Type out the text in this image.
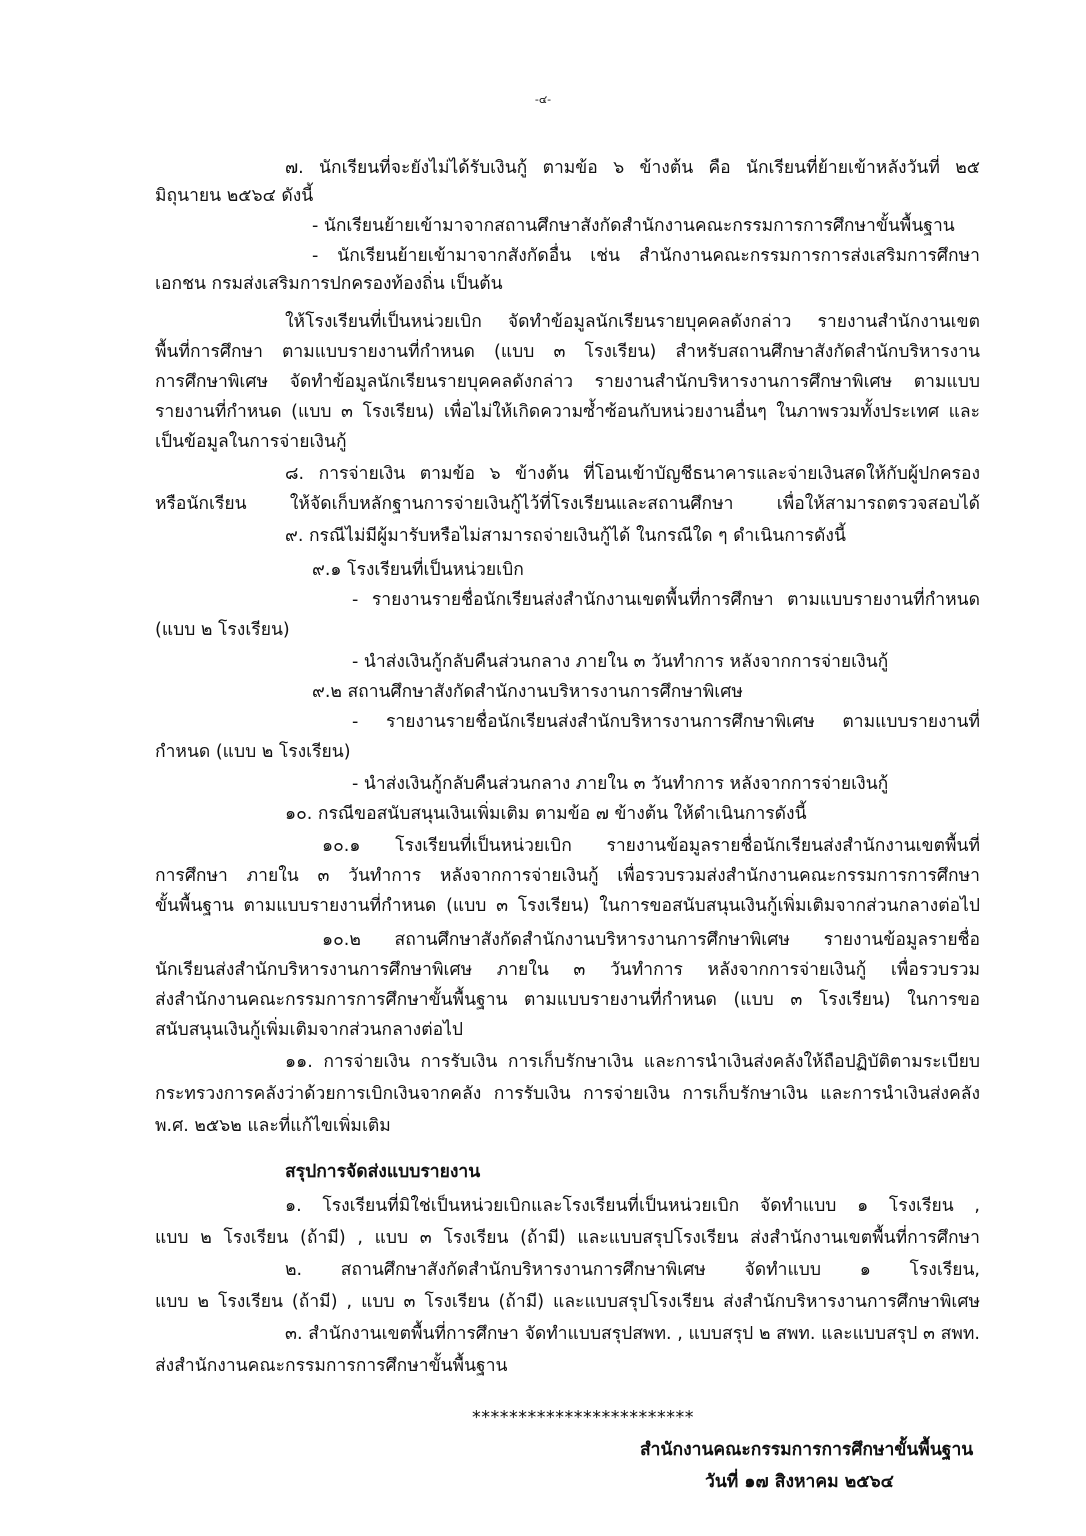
-๔-
๗. นักเรียนที่จะยังไม่ได้รับเงินกู้ ตามข้อ ๖ ข้างต้น คือ นักเรียนที่ย้ายเข้าหลังวันที่ ๒๕
มิถุนายน ๒๕๖๔ ดังนี้
- นักเรียนย้ายเข้ามาจากสถานศึกษาสังกัดสำนักงานคณะกรรมการการศึกษาขั้นพื้นฐาน
- นักเรียนย้ายเข้ามาจากสังกัดอื่น เช่น สำนักงานคณะกรรมการการส่งเสริมการศึกษา
เอกชน กรมส่งเสริมการปกครองท้องถิ่น เป็นต้น
ให้โรงเรียนที่เป็นหน่วยเบิก จัดทำข้อมูลนักเรียนรายบุคคลดังกล่าว รายงานสำนักงานเขต
พื้นที่การศึกษา ตามแบบรายงานที่กำหนด (แบบ ๓ โรงเรียน) สำหรับสถานศึกษาสังกัดสำนักบริหารงาน
การศึกษาพิเศษ จัดทำข้อมูลนักเรียนรายบุคคลดังกล่าว รายงานสำนักบริหารงานการศึกษาพิเศษ ตามแบบ
รายงานที่กำหนด (แบบ ๓ โรงเรียน) เพื่อไม่ให้เกิดความซ้ำซ้อนกับหน่วยงานอื่นๆ ในภาพรวมทั้งประเทศ และ
เป็นข้อมูลในการจ่ายเงินกู้
๘. การจ่ายเงิน ตามข้อ ๖ ข้างต้น ที่โอนเข้าบัญชีธนาคารและจ่ายเงินสดให้กับผู้ปกครอง
หรือนักเรียน ให้จัดเก็บหลักฐานการจ่ายเงินกู้ไว้ที่โรงเรียนและสถานศึกษา เพื่อให้สามารถตรวจสอบได้
๙. กรณีไม่มีผู้มารับหรือไม่สามารถจ่ายเงินกู้ได้ ในกรณีใด ๆ ดำเนินการดังนี้
๙.๑ โรงเรียนที่เป็นหน่วยเบิก
- รายงานรายชื่อนักเรียนส่งสำนักงานเขตพื้นที่การศึกษา ตามแบบรายงานที่กำหนด
(แบบ ๒ โรงเรียน)
- นำส่งเงินกู้กลับคืนส่วนกลาง ภายใน ๓ วันทำการ หลังจากการจ่ายเงินกู้
๙.๒ สถานศึกษาสังกัดสำนักงานบริหารงานการศึกษาพิเศษ
- รายงานรายชื่อนักเรียนส่งสำนักบริหารงานการศึกษาพิเศษ ตามแบบรายงานที่
กำหนด (แบบ ๒ โรงเรียน)
- นำส่งเงินกู้กลับคืนส่วนกลาง ภายใน ๓ วันทำการ หลังจากการจ่ายเงินกู้
๑๐. กรณีขอสนับสนุนเงินเพิ่มเติม ตามข้อ ๗ ข้างต้น ให้ดำเนินการดังนี้
๑๐.๑ โรงเรียนที่เป็นหน่วยเบิก รายงานข้อมูลรายชื่อนักเรียนส่งสำนักงานเขตพื้นที่
การศึกษา ภายใน ๓ วันทำการ หลังจากการจ่ายเงินกู้ เพื่อรวบรวมส่งสำนักงานคณะกรรมการการศึกษา
ขั้นพื้นฐาน ตามแบบรายงานที่กำหนด (แบบ ๓ โรงเรียน) ในการขอสนับสนุนเงินกู้เพิ่มเติมจากส่วนกลางต่อไป
๑๐.๒ สถานศึกษาสังกัดสำนักงานบริหารงานการศึกษาพิเศษ รายงานข้อมูลรายชื่อ
นักเรียนส่งสำนักบริหารงานการศึกษาพิเศษ ภายใน ๓ วันทำการ หลังจากการจ่ายเงินกู้ เพื่อรวบรวม
ส่งสำนักงานคณะกรรมการการศึกษาขั้นพื้นฐาน ตามแบบรายงานที่กำหนด (แบบ ๓ โรงเรียน) ในการขอ
สนับสนุนเงินกู้เพิ่มเติมจากส่วนกลางต่อไป
๑๑. การจ่ายเงิน การรับเงิน การเก็บรักษาเงิน และการนำเงินส่งคลังให้ถือปฏิบัติตามระเบียบ
กระทรวงการคลังว่าด้วยการเบิกเงินจากคลัง การรับเงิน การจ่ายเงิน การเก็บรักษาเงิน และการนำเงินส่งคลัง
พ.ศ. ๒๕๖๒ และที่แก้ไขเพิ่มเติม
สรุปการจัดส่งแบบรายงาน
๑. โรงเรียนที่มิใช่เป็นหน่วยเบิกและโรงเรียนที่เป็นหน่วยเบิก จัดทำแบบ ๑ โรงเรียน ,
แบบ ๒ โรงเรียน (ถ้ามี) , แบบ ๓ โรงเรียน (ถ้ามี) และแบบสรุปโรงเรียน ส่งสำนักงานเขตพื้นที่การศึกษา
๒. สถานศึกษาสังกัดสำนักบริหารงานการศึกษาพิเศษ จัดทำแบบ ๑ โรงเรียน,
แบบ ๒ โรงเรียน (ถ้ามี) , แบบ ๓ โรงเรียน (ถ้ามี) และแบบสรุปโรงเรียน ส่งสำนักบริหารงานการศึกษาพิเศษ
๓. สำนักงานเขตพื้นที่การศึกษา จัดทำแบบสรุปสพท. , แบบสรุป ๒ สพท. และแบบสรุป ๓ สพท.
ส่งสำนักงานคณะกรรมการการศึกษาขั้นพื้นฐาน
************************
สำนักงานคณะกรรมการการศึกษาขั้นพื้นฐาน
วันที่ ๑๗ สิงหาคม ๒๕๖๔
